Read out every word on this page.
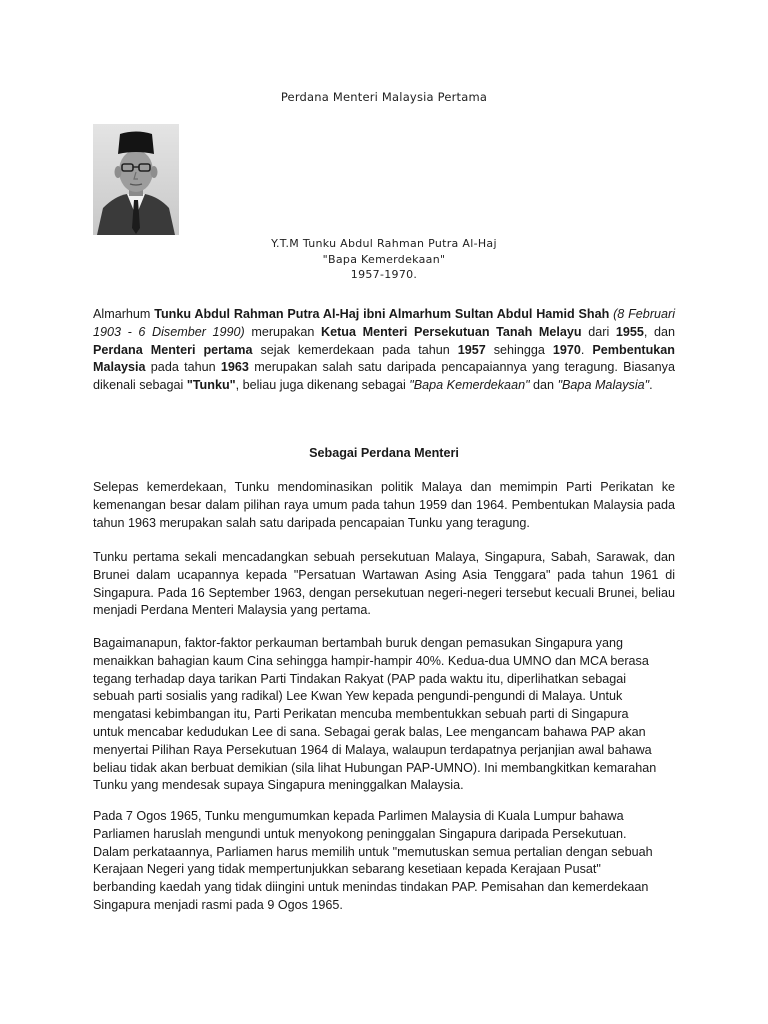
Perdana Menteri Malaysia Pertama
Y.T.M Tunku Abdul Rahman Putra Al-Haj
"Bapa Kemerdekaan"
1957-1970.
Almarhum Tunku Abdul Rahman Putra Al-Haj ibni Almarhum Sultan Abdul Hamid Shah (8 Februari 1903 - 6 Disember 1990) merupakan Ketua Menteri Persekutuan Tanah Melayu dari 1955, dan Perdana Menteri pertama sejak kemerdekaan pada tahun 1957 sehingga 1970. Pembentukan Malaysia pada tahun 1963 merupakan salah satu daripada pencapaiannya yang teragung. Biasanya dikenali sebagai "Tunku", beliau juga dikenang sebagai "Bapa Kemerdekaan" dan "Bapa Malaysia".
Sebagai Perdana Menteri
Selepas kemerdekaan, Tunku mendominasikan politik Malaya dan memimpin Parti Perikatan ke kemenangan besar dalam pilihan raya umum pada tahun 1959 dan 1964. Pembentukan Malaysia pada tahun 1963 merupakan salah satu daripada pencapaian Tunku yang teragung.
Tunku pertama sekali mencadangkan sebuah persekutuan Malaya, Singapura, Sabah, Sarawak, dan Brunei dalam ucapannya kepada "Persatuan Wartawan Asing Asia Tenggara" pada tahun 1961 di Singapura. Pada 16 September 1963, dengan persekutuan negeri-negeri tersebut kecuali Brunei, beliau menjadi Perdana Menteri Malaysia yang pertama.
Bagaimanapun, faktor-faktor perkauman bertambah buruk dengan pemasukan Singapura yang
menaikkan bahagian kaum Cina sehingga hampir-hampir 40%. Kedua-dua UMNO dan MCA berasa
tegang terhadap daya tarikan Parti Tindakan Rakyat (PAP pada waktu itu, diperlihatkan sebagai
sebuah parti sosialis yang radikal) Lee Kwan Yew kepada pengundi-pengundi di Malaya. Untuk
mengatasi kebimbangan itu, Parti Perikatan mencuba membentukkan sebuah parti di Singapura
untuk mencabar kedudukan Lee di sana. Sebagai gerak balas, Lee mengancam bahawa PAP akan
menyertai Pilihan Raya Persekutuan 1964 di Malaya, walaupun terdapatnya perjanjian awal bahawa
beliau tidak akan berbuat demikian (sila lihat Hubungan PAP-UMNO). Ini membangkitkan kemarahan
Tunku yang mendesak supaya Singapura meninggalkan Malaysia.
Pada 7 Ogos 1965, Tunku mengumumkan kepada Parlimen Malaysia di Kuala Lumpur bahawa
Parliamen haruslah mengundi untuk menyokong peninggalan Singapura daripada Persekutuan.
Dalam perkataannya, Parliamen harus memilih untuk "memutuskan semua pertalian dengan sebuah
Kerajaan Negeri yang tidak mempertunjukkan sebarang kesetiaan kepada Kerajaan Pusat"
berbanding kaedah yang tidak diingini untuk menindas tindakan PAP. Pemisahan dan kemerdekaan
Singapura menjadi rasmi pada 9 Ogos 1965.
